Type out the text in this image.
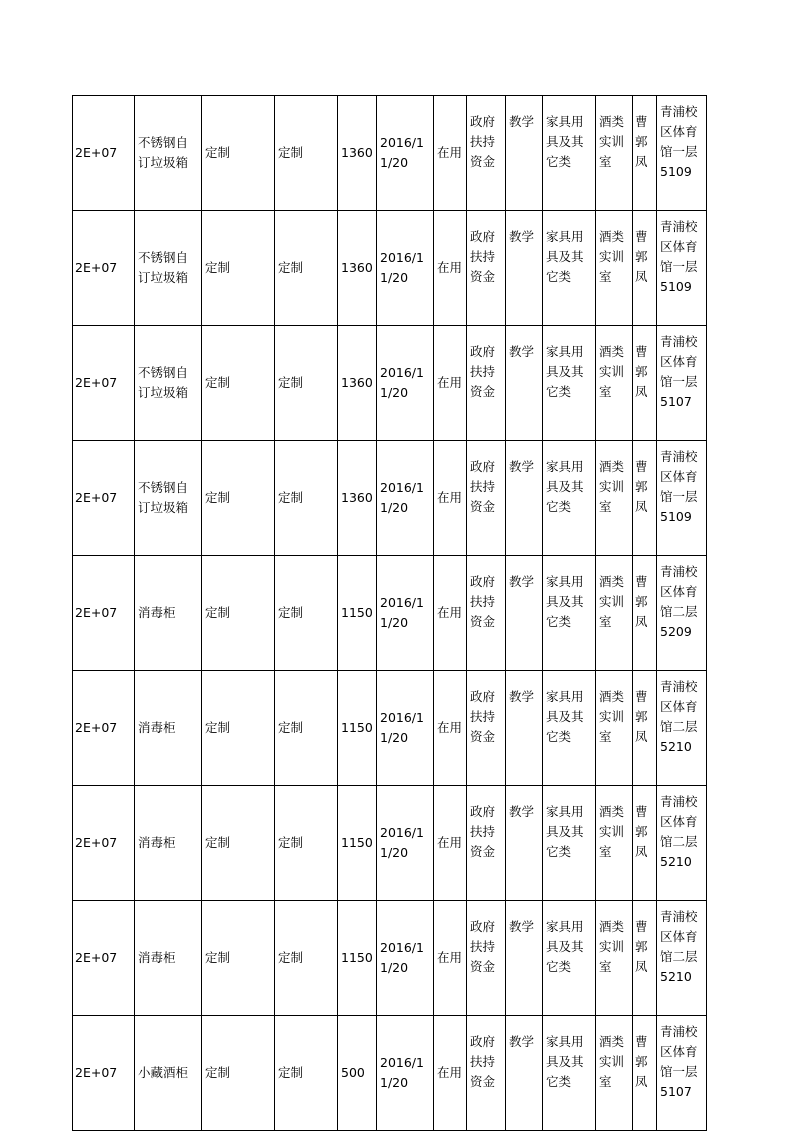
2E+07	不锈钢自订垃圾箱	定制	定制	1360	2016/11/20	在用	政府扶持资金	教学	家具用具及其它类	酒类实训室	曹郭凤	青浦校区体育馆一层5109
2E+07	不锈钢自订垃圾箱	定制	定制	1360	2016/11/20	在用	政府扶持资金	教学	家具用具及其它类	酒类实训室	曹郭凤	青浦校区体育馆一层5109
2E+07	不锈钢自订垃圾箱	定制	定制	1360	2016/11/20	在用	政府扶持资金	教学	家具用具及其它类	酒类实训室	曹郭凤	青浦校区体育馆一层5107
2E+07	不锈钢自订垃圾箱	定制	定制	1360	2016/11/20	在用	政府扶持资金	教学	家具用具及其它类	酒类实训室	曹郭凤	青浦校区体育馆一层5109
2E+07	消毒柜	定制	定制	1150	2016/11/20	在用	政府扶持资金	教学	家具用具及其它类	酒类实训室	曹郭凤	青浦校区体育馆二层5209
2E+07	消毒柜	定制	定制	1150	2016/11/20	在用	政府扶持资金	教学	家具用具及其它类	酒类实训室	曹郭凤	青浦校区体育馆二层5210
2E+07	消毒柜	定制	定制	1150	2016/11/20	在用	政府扶持资金	教学	家具用具及其它类	酒类实训室	曹郭凤	青浦校区体育馆二层5210
2E+07	消毒柜	定制	定制	1150	2016/11/20	在用	政府扶持资金	教学	家具用具及其它类	酒类实训室	曹郭凤	青浦校区体育馆二层5210
2E+07	小藏酒柜	定制	定制	500	2016/11/20	在用	政府扶持资金	教学	家具用具及其它类	酒类实训室	曹郭凤	青浦校区体育馆一层5107
